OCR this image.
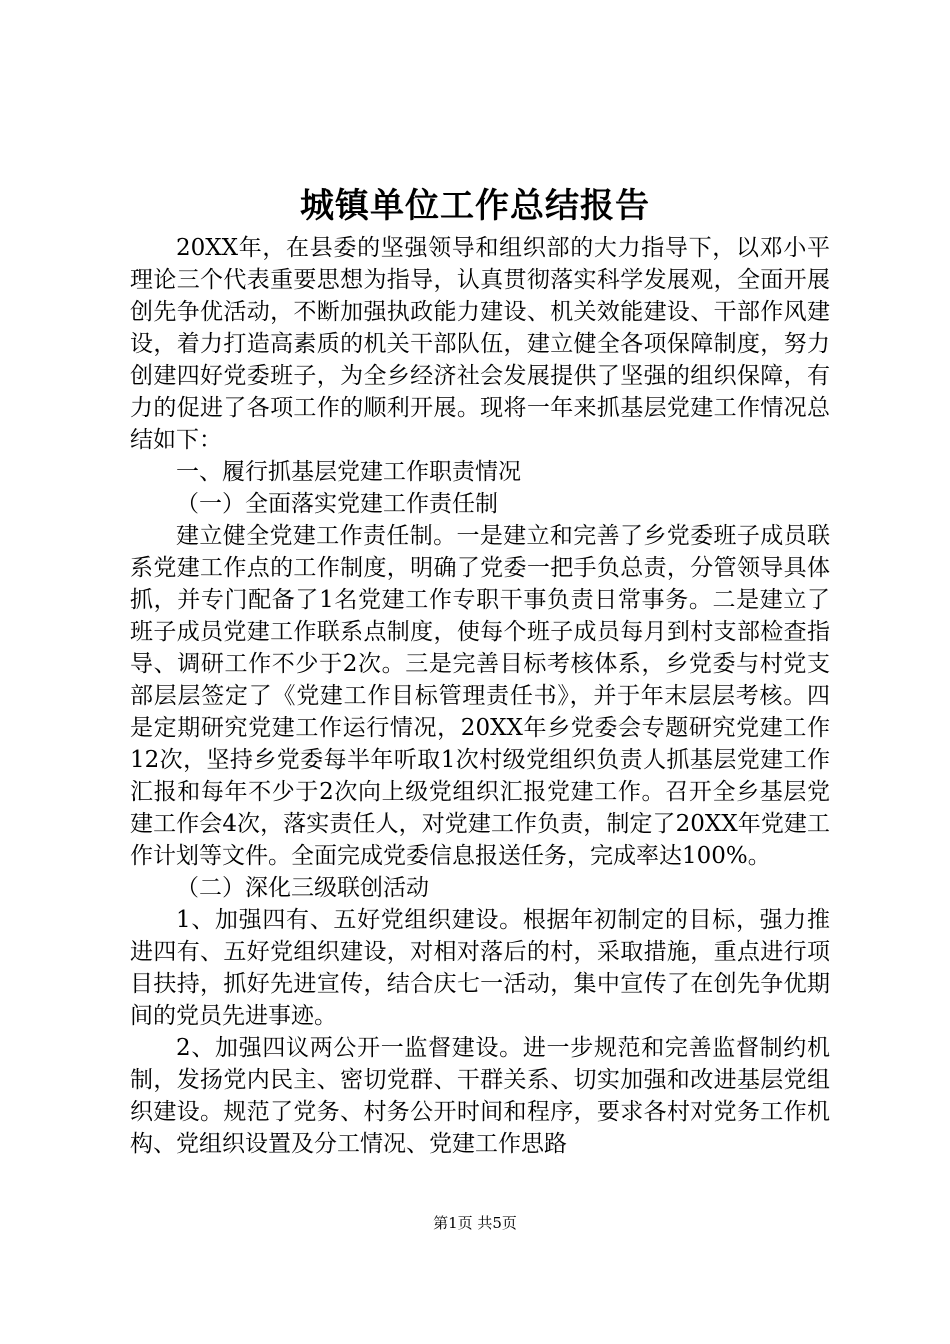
城镇单位工作总结报告

20XX年，在县委的坚强领导和组织部的大力指导下，以邓小平理论三个代表重要思想为指导，认真贯彻落实科学发展观，全面开展创先争优活动，不断加强执政能力建设、机关效能建设、干部作风建设，着力打造高素质的机关干部队伍，建立健全各项保障制度，努力创建四好党委班子，为全乡经济社会发展提供了坚强的组织保障，有力的促进了各项工作的顺利开展。现将一年来抓基层党建工作情况总结如下：

一、履行抓基层党建工作职责情况

（一）全面落实党建工作责任制

建立健全党建工作责任制。一是建立和完善了乡党委班子成员联系党建工作点的工作制度，明确了党委一把手负总责，分管领导具体抓，并专门配备了1名党建工作专职干事负责日常事务。二是建立了班子成员党建工作联系点制度，使每个班子成员每月到村支部检查指导、调研工作不少于2次。三是完善目标考核体系，乡党委与村党支部层层签定了《党建工作目标管理责任书》，并于年末层层考核。四是定期研究党建工作运行情况，20XX年乡党委会专题研究党建工作12次，坚持乡党委每半年听取1次村级党组织负责人抓基层党建工作汇报和每年不少于2次向上级党组织汇报党建工作。召开全乡基层党建工作会4次，落实责任人，对党建工作负责，制定了20XX年党建工作计划等文件。全面完成党委信息报送任务，完成率达100%。

（二）深化三级联创活动

1、加强四有、五好党组织建设。根据年初制定的目标，强力推进四有、五好党组织建设，对相对落后的村，采取措施，重点进行项目扶持，抓好先进宣传，结合庆七一活动，集中宣传了在创先争优期间的党员先进事迹。

2、加强四议两公开一监督建设。进一步规范和完善监督制约机制，发扬党内民主、密切党群、干群关系、切实加强和改进基层党组织建设。规范了党务、村务公开时间和程序，要求各村对党务工作机构、党组织设置及分工情况、党建工作思路

第1页 共5页
